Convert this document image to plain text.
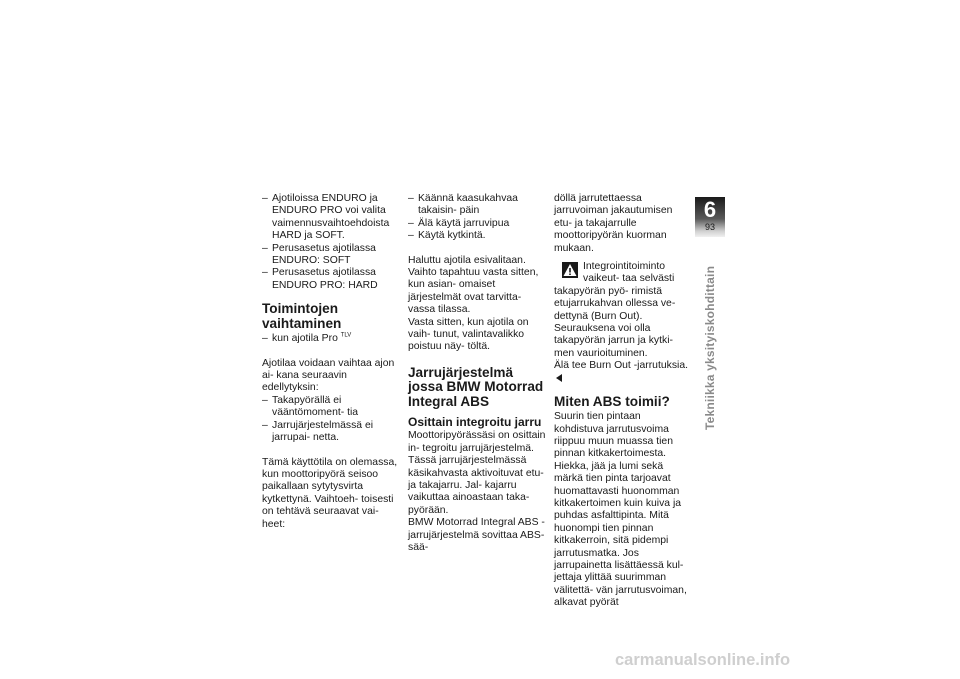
– Ajotiloissa ENDURO ja ENDURO PRO voi valita vaimennusvaihtoehdoista HARD ja SOFT.
– Perusasetus ajotilassa ENDURO: SOFT
– Perusasetus ajotilassa ENDURO PRO: HARD
Toimintojen vaihtaminen
– kun ajotila Pro $^{TLV}$

Ajotilaa voidaan vaihtaa ajon ai- kana seuraavin edellytyksin:

– Takapyörällä ei vääntömoment- tia
– Jarrujärjestelmässä ei jarrupai- netta.

Tämä käyttötila on olemassa, kun moottoripyörä seisoo paikallaan sytytysvirta kytkettynä. Vaihtoeh- toisesti on tehtävä seuraavat vai- heet:

– Käännä kaasukahvaa takaisin- päin
– Älä käytä jarruvipua
– Käytä kytkintä.

Haluttu ajotila esivalitaan. Vaihto tapahtuu vasta sitten, kun asian- omaiset järjestelmät ovat tarvitta- vassa tilassa.

Vasta sitten, kun ajotila on vaih- tunut, valintavalikko poistuu näy- töltä.

Jarrujärjestelmä jossa BMW Motorrad Integral ABS
Osittain integroitu jarru

Moottoripyörässäsi on osittain in- tegroitu jarrujärjestelmä. Tässä jarrujärjestelmässä käsikahvasta aktivoituvat etu- ja takajarru. Jal- kajarru vaikuttaa ainoastaan taka- pyörään.

BMW Motorrad Integral ABS - jarrujärjestelmä sovittaa ABS-sää-

döllä jarrutettaessa jarruvoiman jakautumisen etu- ja takajarrulle moottoripyörän kuorman mukaan.

Integrointitoiminto vaikeut- taa selvästi takapyörän pyö- rimistä etujarrukahvan ollessa ve- dettynä (Burn Out). Seurauksena voi olla takapyörän jarrun ja kytki- men vaurioituminen.

Älä tee Burn Out -jarrutuksia.

Miten ABS toimii?

Suurin tien pintaan kohdistuva jarrutusvoima riippuu muun muassa tien pinnan kitkakertoimesta. Hiekka, jää ja lumi sekä märkä tien pinta tarjoavat huomattavasti huonomman kitkakertoimen kuin kuiva ja puhdas asfalttipinta. Mitä huonompi tien pinnan kitkakerroin, sitä pidempi jarrutusmatka. Jos jarrupainetta lisättäessä kul- jettaja ylittää suurimman välitettä- vän jarrutusvoiman, alkavat pyörät

6
93
Tekniikka yksityiskohdittain
carmanualsonline.info
